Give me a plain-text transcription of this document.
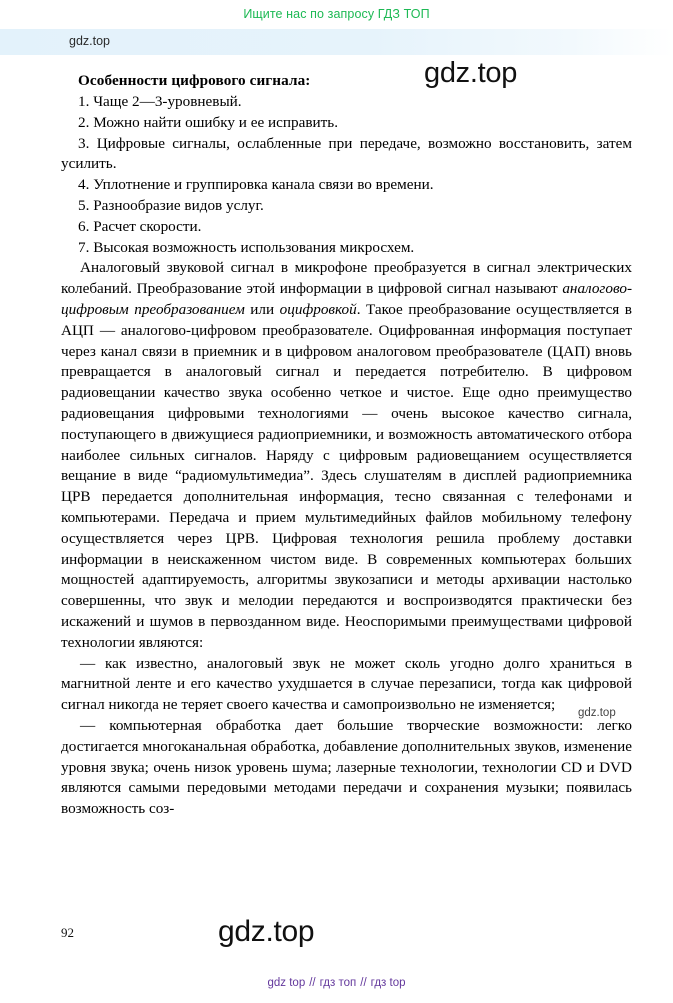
Ищите нас по запросу ГДЗ ТОП
gdz.top
gdz.top

Особенности цифрового сигнала:

1. Чаще 2—3-уровневый.

2. Можно найти ошибку и ее исправить.

3. Цифровые сигналы, ослабленные при передаче, возможно восстановить, затем усилить.

4. Уплотнение и группировка канала связи во времени.

5. Разнообразие видов услуг.

6. Расчет скорости.

7. Высокая возможность использования микросхем.

Аналоговый звуковой сигнал в микрофоне преобразуется в сигнал электрических колебаний. Преобразование этой информации в цифровой сигнал называют аналогово-цифровым преобразованием или оцифровкой. Такое преобразование осуществляется в АЦП — аналогово-цифровом преобразователе. Оцифрованная информация поступает через канал связи в приемник и в цифровом аналоговом преобразователе (ЦАП) вновь превращается в аналоговый сигнал и передается потребителю. В цифровом радиовещании качество звука особенно четкое и чистое. Еще одно преимущество радиовещания цифровыми технологиями — очень высокое качество сигнала, поступающего в движущиеся радиоприемники, и возможность автоматического отбора наиболее сильных сигналов. Наряду с цифровым радиовещанием осуществляется вещание в виде “радиомультимедиа”. Здесь слушателям в дисплей радиоприемника ЦРВ передается дополнительная информация, тесно связанная с телефонами и компьютерами. Передача и прием мультимедийных файлов мобильному телефону осуществляется через ЦРВ. Цифровая технология решила проблему доставки информации в неискаженном чистом виде. В современных компьютерах больших мощностей адаптируемость, алгоритмы звукозаписи и методы архивации настолько совершенны, что звук и мелодии передаются и воспроизводятся практически без искажений и шумов в первозданном виде. Неоспоримыми преимуществами цифровой технологии являются:

— как известно, аналоговый звук не может сколь угодно долго храниться в магнитной ленте и его качество ухудшается в случае перезаписи, тогда как цифровой сигнал никогда не теряет своего качества и самопроизвольно не изменяется;

— компьютерная обработка дает большие творческие возможности: легко достигается многоканальная обработка, добавление дополнительных звуков, изменение уровня звука; очень низок уровень шума; лазерные технологии, технологии CD и DVD являются самыми передовыми методами передачи и сохранения музыки; появилась возможность соз-

gdz.top
92	gdz.top
gdz top // гдз топ // гдз top
